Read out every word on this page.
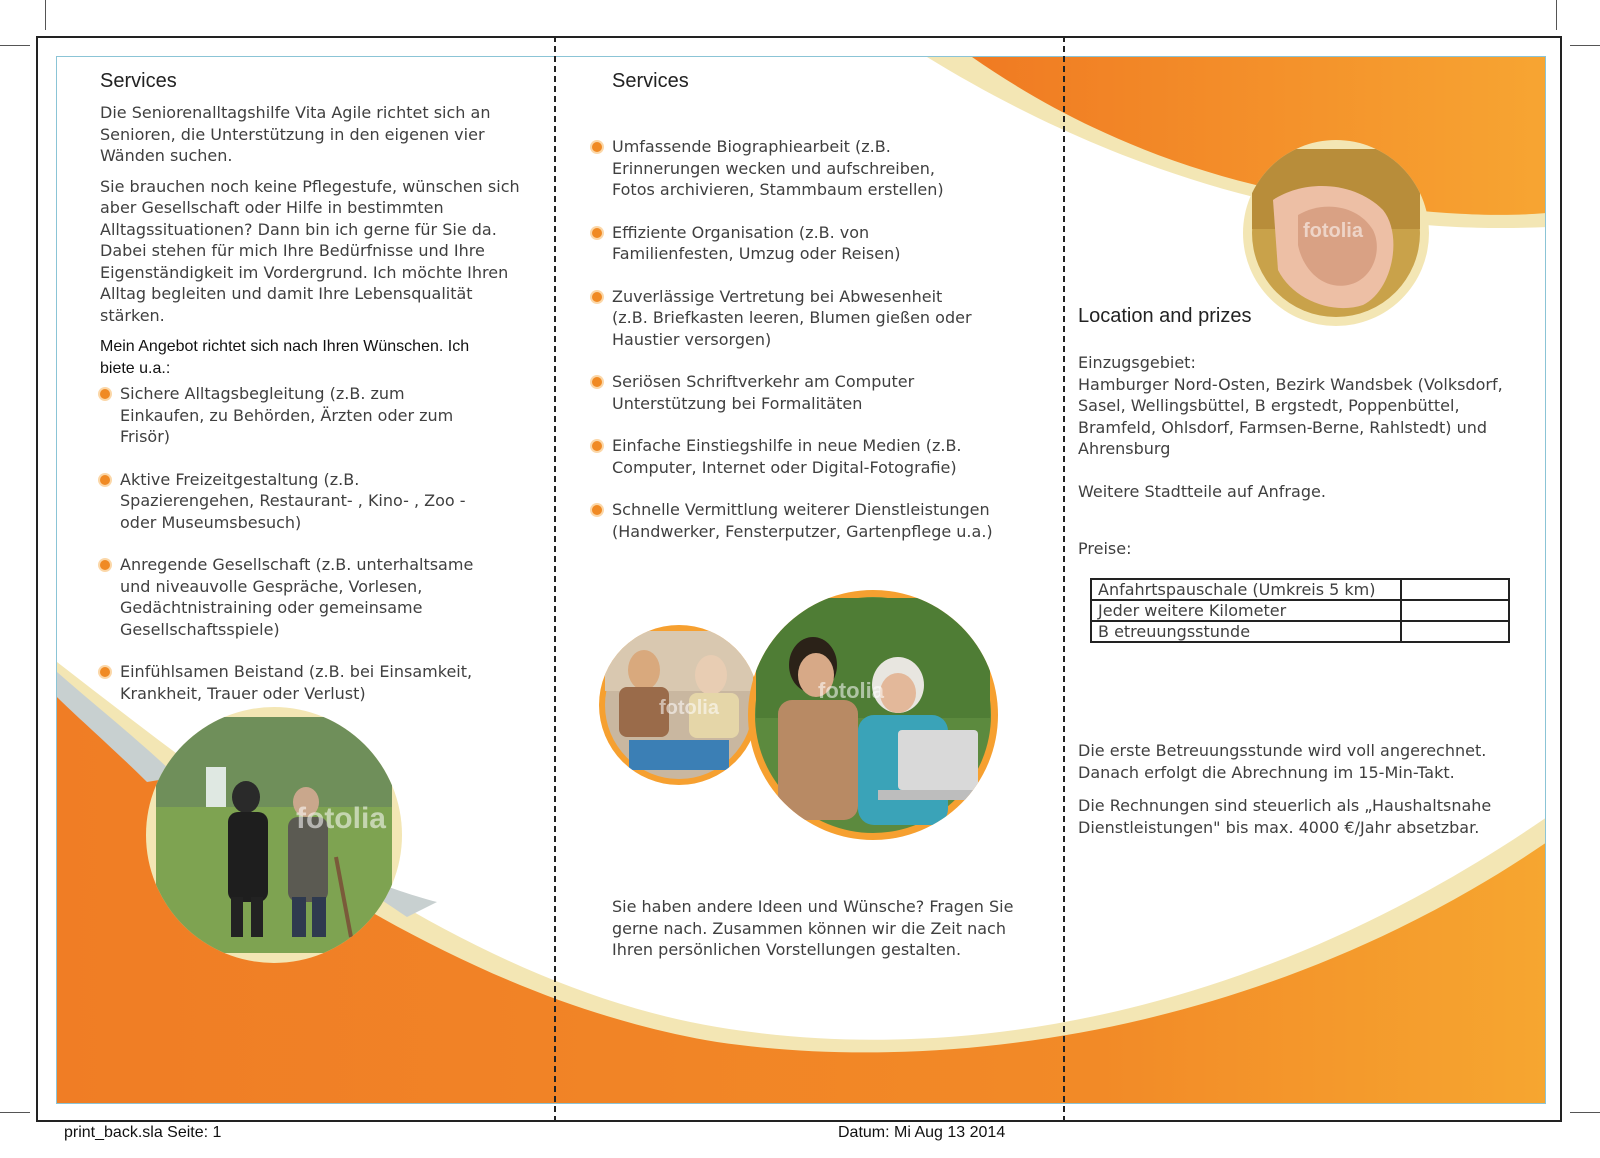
Services

Die Seniorenalltagshilfe Vita Agile richtet sich an Senioren, die Unterstützung in den eigenen vier Wänden suchen.

Sie brauchen noch keine Pflegestufe, wünschen sich aber Gesellschaft oder Hilfe in bestimmten Alltagssituationen? Dann bin ich gerne für Sie da. Dabei stehen für mich Ihre Bedürfnisse und Ihre Eigenständigkeit im Vordergrund. Ich möchte Ihren Alltag begleiten und damit Ihre Lebensqualität stärken.

Mein Angebot richtet sich nach Ihren Wünschen. Ich biete u.a.:

Sichere Alltagsbegleitung (z.B. zum Einkaufen, zu Behörden, Ärzten oder zum Frisör)
Aktive Freizeitgestaltung (z.B. Spazierengehen, Restaurant- , Kino- , Zoo - oder Museumsbesuch)
Anregende Gesellschaft (z.B. unterhaltsame und niveauvolle Gespräche, Vorlesen, Gedächtnistraining oder gemeinsame Gesellschaftsspiele)
Einfühlsamen Beistand (z.B. bei Einsamkeit, Krankheit, Trauer oder Verlust)
fotolia
Services
Umfassende Biographiearbeit (z.B. Erinnerungen wecken und aufschreiben, Fotos archivieren, Stammbaum erstellen)
Effiziente Organisation (z.B. von Familienfesten, Umzug oder Reisen)
Zuverlässige Vertretung bei Abwesenheit (z.B. Briefkasten leeren, Blumen gießen oder Haustier versorgen)
Seriösen Schriftverkehr am Computer Unterstützung bei Formalitäten
Einfache Einstiegshilfe in neue Medien (z.B. Computer, Internet oder Digital-Fotografie)
Schnelle Vermittlung weiterer Dienstleistungen (Handwerker, Fensterputzer, Gartenpflege u.a.)
fotolia
fotolia

Sie haben andere Ideen und Wünsche? Fragen Sie gerne nach. Zusammen können wir die Zeit nach Ihren persönlichen Vorstellungen gestalten.

fotolia
Location and prizes

Einzugsgebiet:

Hamburger Nord-Osten, Bezirk Wandsbek (Volksdorf, Sasel, Wellingsbüttel, B ergstedt, Poppenbüttel, Bramfeld, Ohlsdorf, Farmsen-Berne, Rahlstedt) und Ahrensburg

Weitere Stadtteile auf Anfrage.

Preise:

Anfahrtspauschale (Umkreis 5 km)	
Jeder weitere Kilometer	
B etreuungsstunde	

Die erste Betreuungsstunde wird voll angerechnet. Danach erfolgt die Abrechnung im 15-Min-Takt.

Die Rechnungen sind steuerlich als „Haushaltsnahe Dienstleistungen" bis max. 4000 €/Jahr absetzbar.

print_back.sla Seite: 1	Datum: Mi Aug 13 2014
